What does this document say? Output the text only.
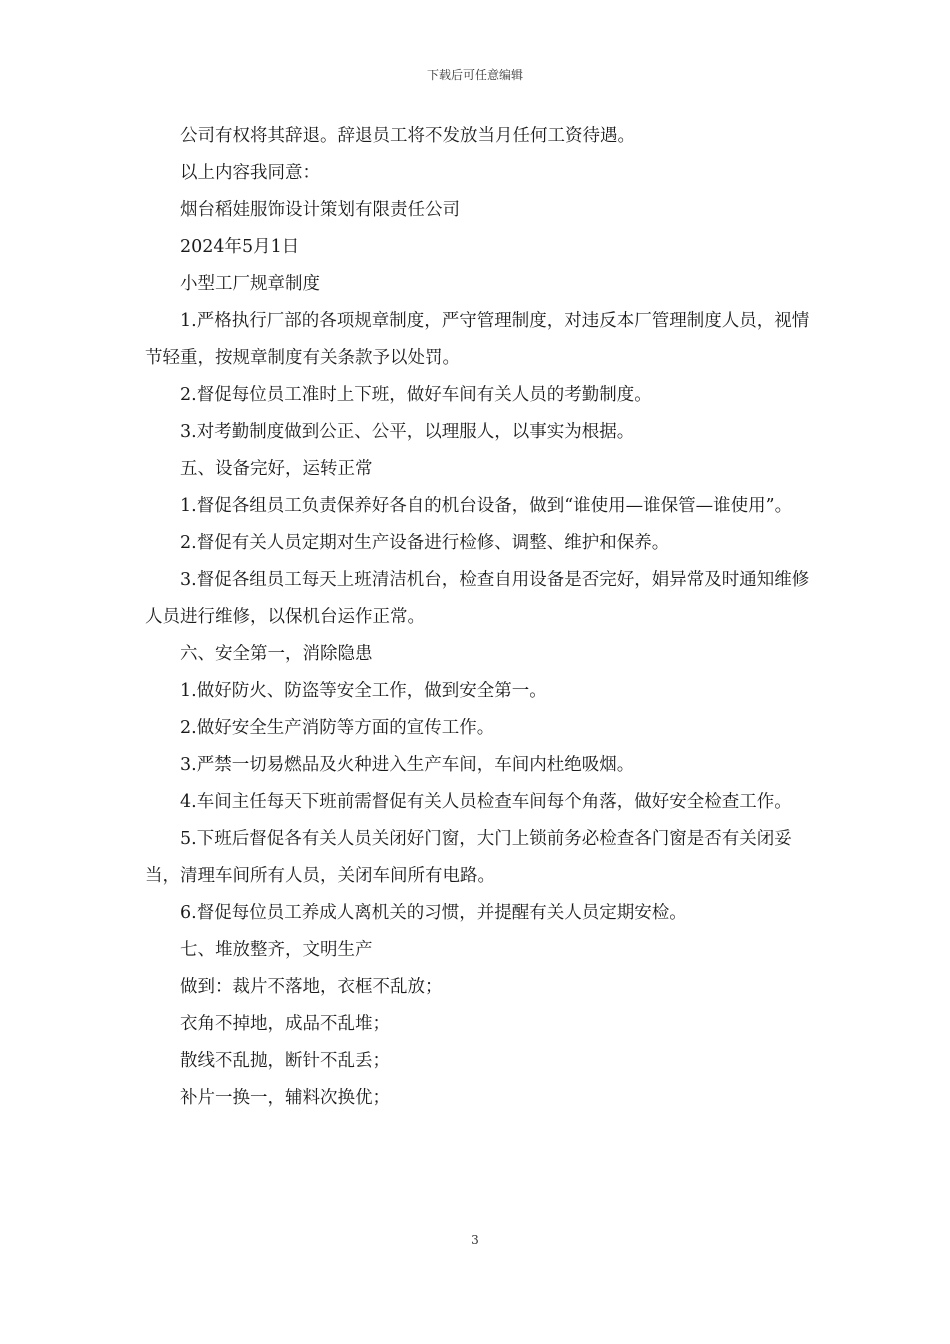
下载后可任意编辑

公司有权将其辞退。辞退员工将不发放当月任何工资待遇。

以上内容我同意：

烟台稻娃服饰设计策划有限责任公司

2024年5月1日

小型工厂规章制度

1.严格执行厂部的各项规章制度，严守管理制度，对违反本厂管理制度人员，视情节轻重，按规章制度有关条款予以处罚。

2.督促每位员工准时上下班，做好车间有关人员的考勤制度。

3.对考勤制度做到公正、公平，以理服人，以事实为根据。

五、设备完好，运转正常

1.督促各组员工负责保养好各自的机台设备，做到“谁使用—谁保管—谁使用”。

2.督促有关人员定期对生产设备进行检修、调整、维护和保养。

3.督促各组员工每天上班清洁机台，检查自用设备是否完好，娟异常及时通知维修人员进行维修，以保机台运作正常。

六、安全第一，消除隐患

1.做好防火、防盗等安全工作，做到安全第一。

2.做好安全生产消防等方面的宣传工作。

3.严禁一切易燃品及火种进入生产车间，车间内杜绝吸烟。

4.车间主任每天下班前需督促有关人员检查车间每个角落，做好安全检查工作。

5.下班后督促各有关人员关闭好门窗，大门上锁前务必检查各门窗是否有关闭妥当，清理车间所有人员，关闭车间所有电路。

6.督促每位员工养成人离机关的习惯，并提醒有关人员定期安检。

七、堆放整齐，文明生产

做到：裁片不落地，衣框不乱放；

衣角不掉地，成品不乱堆；

散线不乱抛，断针不乱丢；

补片一换一，辅料次换优；

3
